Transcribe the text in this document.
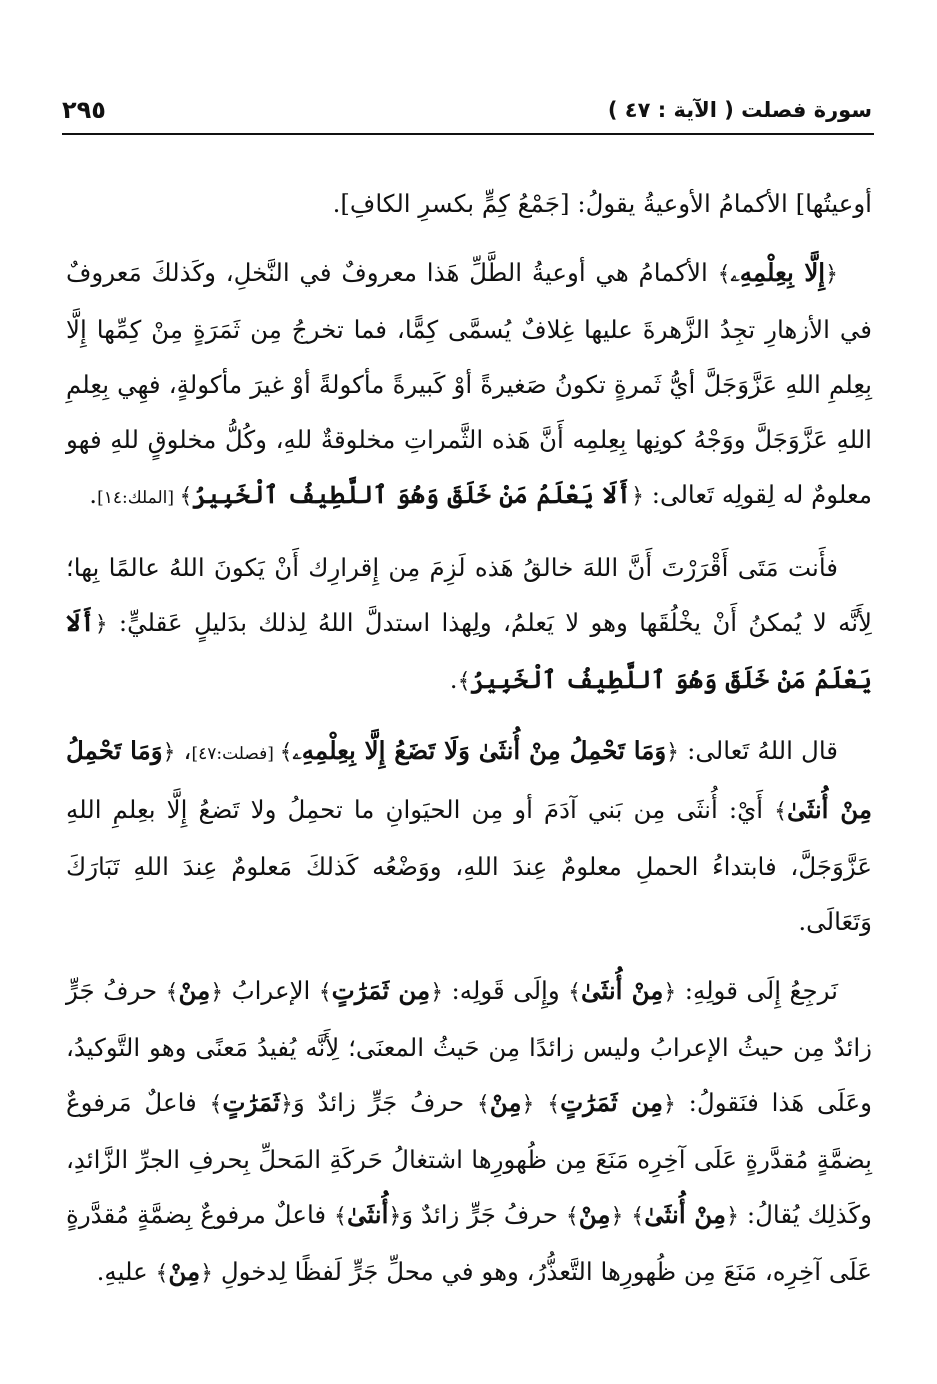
سورة فصلت ( الآية : ٤٧ )
٢٩٥

أوعيتُها] الأكمامُ الأوعيةُ يقولُ: [جَمْعُ كِمٍّ بكسرِ الكافِ].

﴿إِلَّا بِعِلْمِهِۦ﴾ الأكمامُ هي أوعيةُ الطَّلِّ هَذا معروفٌ في النَّخلِ، وكَذلكَ مَعروفٌ في الأزهارِ تجِدُ الزَّهرةَ عليها غِلافٌ يُسمَّى كِمًّا، فما تخرجُ مِن ثَمَرَةٍ مِنْ كِمِّها إِلَّا بِعِلمِ اللهِ عَزَّوَجَلَّ أيُّ ثَمرةٍ تكونُ صَغيرةً أوْ كَبيرةً مأكولةً أوْ غيرَ مأكولةٍ، فهِي بِعِلمِ اللهِ عَزَّوَجَلَّ ووَجْهُ كونِها بِعِلمِه أَنَّ هَذه الثَّمراتِ مخلوقةٌ للهِ، وكُلُّ مخلوقٍ للهِ فهو معلومٌ له لِقولِه تَعالى: ﴿أَلَا يَعْلَمُ مَنْ خَلَقَ وَهُوَ ٱللَّطِيفُ ٱلْخَبِيرُ﴾ [الملك:١٤].

فأَنت مَتَى أَقْرَرْتَ أَنَّ اللهَ خالقُ هَذه لَزِمَ مِن إِقرارِك أَنْ يَكونَ اللهُ عالمًا بِها؛ لِأَنَّه لا يُمكنُ أَنْ يخْلُقَها وهو لا يَعلمُ، ولِهذا استدلَّ اللهُ لِذلك بدَليلٍ عَقليٍّ: ﴿أَلَا يَعْلَمُ مَنْ خَلَقَ وَهُوَ ٱللَّطِيفُ ٱلْخَبِيرُ﴾.

قال اللهُ تَعالى: ﴿وَمَا تَحْمِلُ مِنْ أُنثَىٰ وَلَا تَضَعُ إِلَّا بِعِلْمِهِۦ﴾ [فصلت:٤٧]، ﴿وَمَا تَحْمِلُ مِنْ أُنثَىٰ﴾ أَيْ: أُنثَى مِن بَني آدَمَ أو مِن الحيَوانِ ما تحمِلُ ولا تَضعُ إِلَّا بعِلمِ اللهِ عَزَّوَجَلَّ، فابتداءُ الحملِ معلومٌ عِندَ اللهِ، ووَضْعُه كَذلكَ مَعلومٌ عِندَ اللهِ تَبَارَكَ وَتَعَالَى.

نَرجِعُ إِلَى قولِهِ: ﴿مِنْ أُنثَىٰ﴾ وإِلَى قَولِه: ﴿مِن ثَمَرَٰتٍ﴾ الإعرابُ ﴿مِنْ﴾ حرفُ جَرٍّ زائدٌ مِن حيثُ الإعرابُ وليس زائدًا مِن حَيثُ المعنَى؛ لِأَنَّه يُفيدُ مَعنًى وهو التَّوكيدُ، وعَلَى هَذا فنَقولُ: ﴿مِن ثَمَرَٰتٍ﴾ ﴿مِنْ﴾ حرفُ جَرٍّ زائدٌ وَ﴿ثَمَرَٰتٍ﴾ فاعلٌ مَرفوعٌ بِضمَّةٍ مُقدَّرةٍ عَلَى آخِرِه مَنَعَ مِن ظُهورِها اشتغالُ حَركَةِ المَحلِّ بِحرفِ الجرِّ الزَّائدِ، وكَذلِك يُقالُ: ﴿مِنْ أُنثَىٰ﴾ ﴿مِنْ﴾ حرفُ جَرٍّ زائدٌ وَ﴿أُنثَىٰ﴾ فاعلٌ مرفوعٌ بِضمَّةٍ مُقدَّرةٍ عَلَى آخِرِه، مَنَعَ مِن ظُهورِها التَّعذُّرُ، وهو في محلِّ جَرٍّ لَفظًا لِدخولِ ﴿مِنْ﴾ عليهِ.
